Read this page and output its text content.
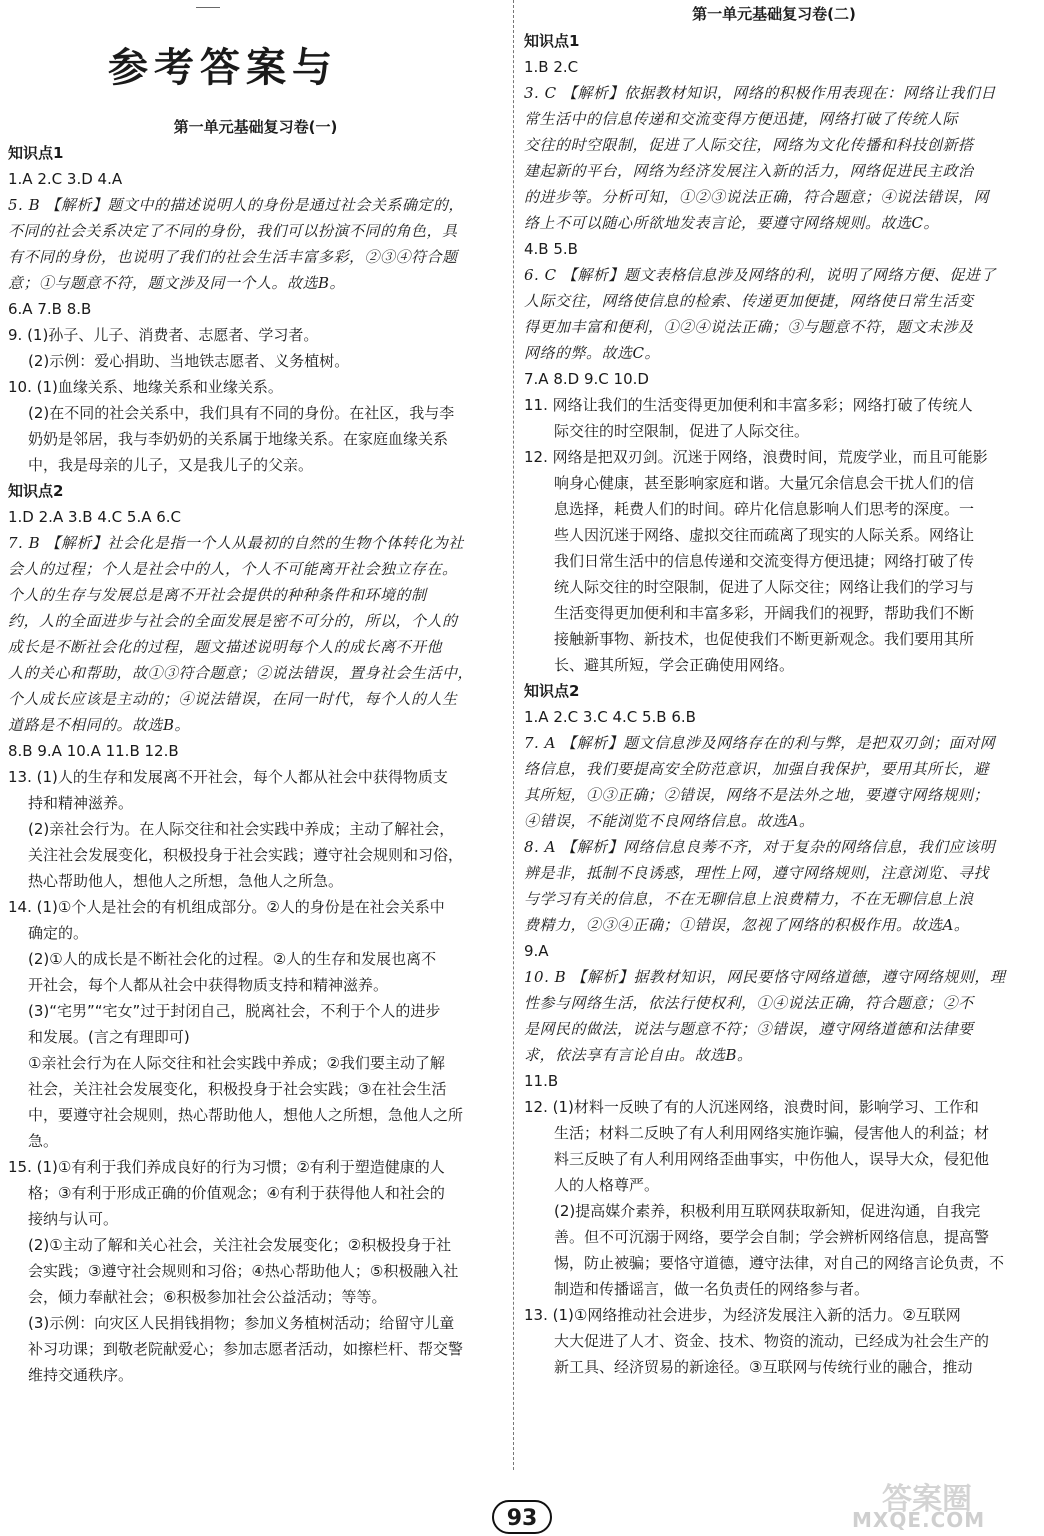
――
参考答案与
第一单元基础复习卷(一)
知识点1
1.A 2.C 3.D 4.A
5. B 【解析】题文中的描述说明人的身份是通过社会关系确定的，
不同的社会关系决定了不同的身份，我们可以扮演不同的角色，具
有不同的身份，也说明了我们的社会生活丰富多彩，②③④符合题
意；①与题意不符，题文涉及同一个人。故选B。
6.A 7.B 8.B
9. (1)孙子、儿子、消费者、志愿者、学习者。
(2)示例：爱心捐助、当地铁志愿者、义务植树。
10. (1)血缘关系、地缘关系和业缘关系。
(2)在不同的社会关系中，我们具有不同的身份。在社区，我与李
奶奶是邻居，我与李奶奶的关系属于地缘关系。在家庭血缘关系
中，我是母亲的儿子，又是我儿子的父亲。
知识点2
1.D 2.A 3.B 4.C 5.A 6.C
7. B 【解析】社会化是指一个人从最初的自然的生物个体转化为社
会人的过程；个人是社会中的人，个人不可能离开社会独立存在。
个人的生存与发展总是离不开社会提供的种种条件和环境的制
约，人的全面进步与社会的全面发展是密不可分的，所以，个人的
成长是不断社会化的过程，题文描述说明每个人的成长离不开他
人的关心和帮助，故①③符合题意；②说法错误，置身社会生活中，
个人成长应该是主动的；④说法错误，在同一时代，每个人的人生
道路是不相同的。故选B。
8.B 9.A 10.A 11.B 12.B
13. (1)人的生存和发展离不开社会，每个人都从社会中获得物质支
持和精神滋养。
(2)亲社会行为。在人际交往和社会实践中养成；主动了解社会，
关注社会发展变化，积极投身于社会实践；遵守社会规则和习俗，
热心帮助他人，想他人之所想，急他人之所急。
14. (1)①个人是社会的有机组成部分。②人的身份是在社会关系中
确定的。
(2)①人的成长是不断社会化的过程。②人的生存和发展也离不
开社会，每个人都从社会中获得物质支持和精神滋养。
(3)“宅男”“宅女”过于封闭自己，脱离社会，不利于个人的进步
和发展。(言之有理即可)
①亲社会行为在人际交往和社会实践中养成；②我们要主动了解
社会，关注社会发展变化，积极投身于社会实践；③在社会生活
中，要遵守社会规则，热心帮助他人，想他人之所想，急他人之所
急。
15. (1)①有利于我们养成良好的行为习惯；②有利于塑造健康的人
格；③有利于形成正确的价值观念；④有利于获得他人和社会的
接纳与认可。
(2)①主动了解和关心社会，关注社会发展变化；②积极投身于社
会实践；③遵守社会规则和习俗；④热心帮助他人；⑤积极融入社
会，倾力奉献社会；⑥积极参加社会公益活动；等等。
(3)示例：向灾区人民捐钱捐物；参加义务植树活动；给留守儿童
补习功课；到敬老院献爱心；参加志愿者活动，如擦栏杆、帮交警
维持交通秩序。
第一单元基础复习卷(二)
知识点1
1.B 2.C
3. C 【解析】依据教材知识，网络的积极作用表现在：网络让我们日
常生活中的信息传递和交流变得方便迅捷，网络打破了传统人际
交往的时空限制，促进了人际交往，网络为文化传播和科技创新搭
建起新的平台，网络为经济发展注入新的活力，网络促进民主政治
的进步等。分析可知，①②③说法正确，符合题意；④说法错误，网
络上不可以随心所欲地发表言论，要遵守网络规则。故选C。
4.B 5.B
6. C 【解析】题文表格信息涉及网络的利，说明了网络方便、促进了
人际交往，网络使信息的检索、传递更加便捷，网络使日常生活变
得更加丰富和便利，①②④说法正确；③与题意不符，题文未涉及
网络的弊。故选C。
7.A 8.D 9.C 10.D
11. 网络让我们的生活变得更加便利和丰富多彩；网络打破了传统人
际交往的时空限制，促进了人际交往。
12. 网络是把双刃剑。沉迷于网络，浪费时间，荒废学业，而且可能影
响身心健康，甚至影响家庭和谐。大量冗余信息会干扰人们的信
息选择，耗费人们的时间。碎片化信息影响人们思考的深度。一
些人因沉迷于网络、虚拟交往而疏离了现实的人际关系。网络让
我们日常生活中的信息传递和交流变得方便迅捷；网络打破了传
统人际交往的时空限制，促进了人际交往；网络让我们的学习与
生活变得更加便利和丰富多彩，开阔我们的视野，帮助我们不断
接触新事物、新技术，也促使我们不断更新观念。我们要用其所
长、避其所短，学会正确使用网络。
知识点2
1.A 2.C 3.C 4.C 5.B 6.B
7. A 【解析】题文信息涉及网络存在的利与弊，是把双刃剑；面对网
络信息，我们要提高安全防范意识，加强自我保护，要用其所长，避
其所短，①③正确；②错误，网络不是法外之地，要遵守网络规则；
④错误，不能浏览不良网络信息。故选A。
8. A 【解析】网络信息良莠不齐，对于复杂的网络信息，我们应该明
辨是非，抵制不良诱惑，理性上网，遵守网络规则，注意浏览、寻找
与学习有关的信息，不在无聊信息上浪费精力，不在无聊信息上浪
费精力，②③④正确；①错误，忽视了网络的积极作用。故选A。
9.A
10. B 【解析】据教材知识，网民要恪守网络道德，遵守网络规则，理
性参与网络生活，依法行使权利，①④说法正确，符合题意；②不
是网民的做法，说法与题意不符；③错误，遵守网络道德和法律要
求，依法享有言论自由。故选B。
11.B
12. (1)材料一反映了有的人沉迷网络，浪费时间，影响学习、工作和
生活；材料二反映了有人利用网络实施诈骗，侵害他人的利益；材
料三反映了有人利用网络歪曲事实，中伤他人，误导大众，侵犯他
人的人格尊严。
(2)提高媒介素养，积极利用互联网获取新知，促进沟通，自我完
善。但不可沉溺于网络，要学会自制；学会辨析网络信息，提高警
惕，防止被骗；要恪守道德，遵守法律，对自己的网络言论负责，不
制造和传播谣言，做一名负责任的网络参与者。
13. (1)①网络推动社会进步，为经济发展注入新的活力。②互联网
大大促进了人才、资金、技术、物资的流动，已经成为社会生产的
新工具、经济贸易的新途径。③互联网与传统行业的融合，推动
93
答案圈
MXQE.COM
